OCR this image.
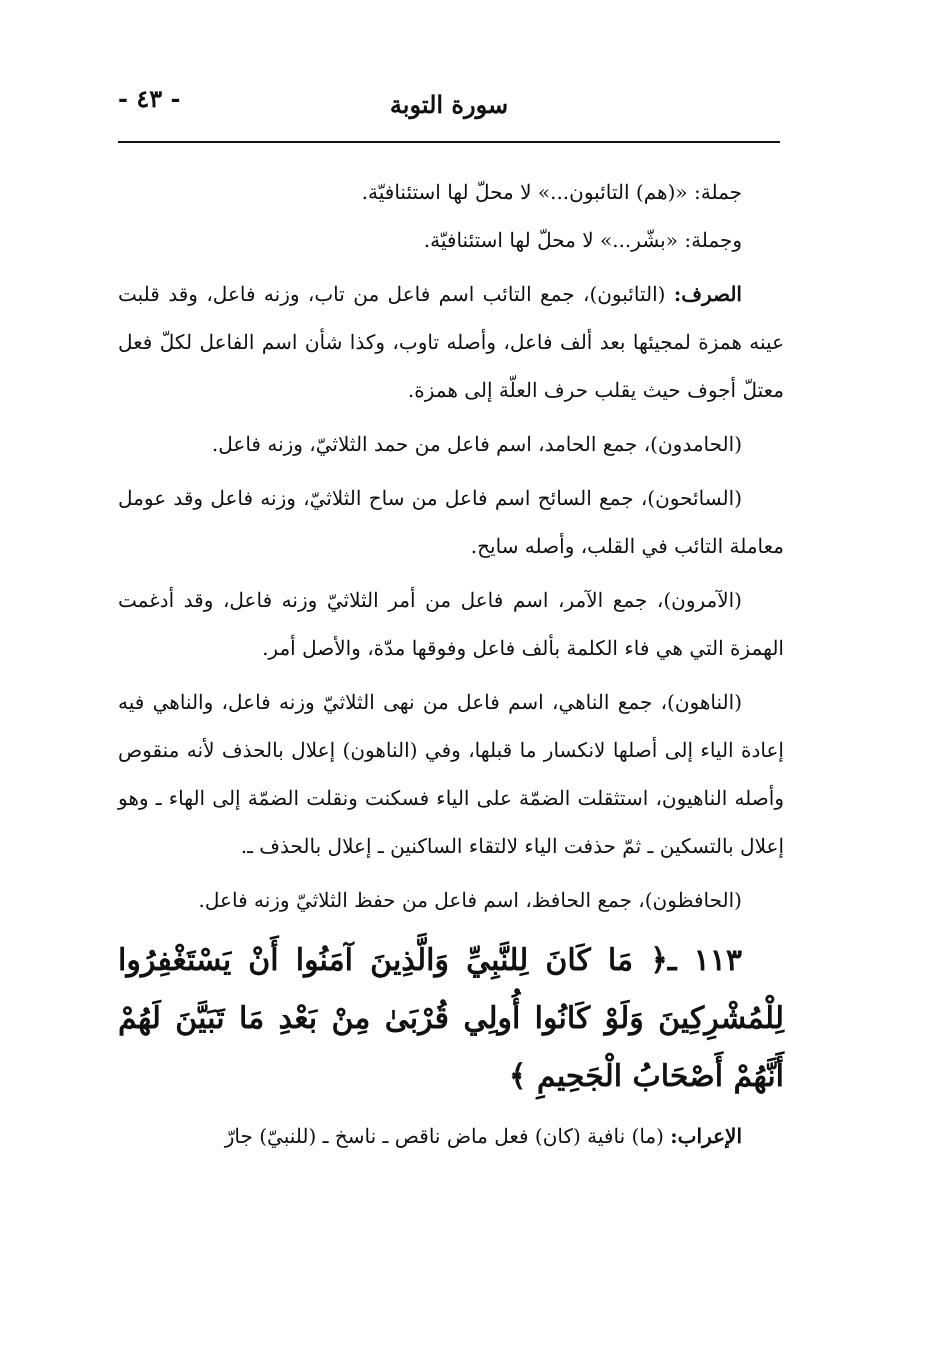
سورة التوبة
- ٤٣ -

جملة: «(هم) التائبون...» لا محلّ لها استئنافيّة.

وجملة: «بشّر...» لا محلّ لها استئنافيّة.

الصرف: (التائبون)، جمع التائب اسم فاعل من تاب، وزنه فاعل، وقد قلبت عينه همزة لمجيئها بعد ألف فاعل، وأصله تاوب، وكذا شأن اسم الفاعل لكلّ فعل معتلّ أجوف حيث يقلب حرف العلّة إلى همزة.

(الحامدون)، جمع الحامد، اسم فاعل من حمد الثلاثيّ، وزنه فاعل.

(السائحون)، جمع السائح اسم فاعل من ساح الثلاثيّ، وزنه فاعل وقد عومل معاملة التائب في القلب، وأصله سايح.

(الآمرون)، جمع الآمر، اسم فاعل من أمر الثلاثيّ وزنه فاعل، وقد أدغمت الهمزة التي هي فاء الكلمة بألف فاعل وفوقها مدّة، والأصل أمر.

(الناهون)، جمع الناهي، اسم فاعل من نهى الثلاثيّ وزنه فاعل، والناهي فيه إعادة الياء إلى أصلها لانكسار ما قبلها، وفي (الناهون) إعلال بالحذف لأنه منقوص وأصله الناهيون، استثقلت الضمّة على الياء فسكنت ونقلت الضمّة إلى الهاء ـ وهو إعلال بالتسكين ـ ثمّ حذفت الياء لالتقاء الساكنين ـ إعلال بالحذف ـ.

(الحافظون)، جمع الحافظ، اسم فاعل من حفظ الثلاثيّ وزنه فاعل.

١١٣ ـ﴿ مَا كَانَ لِلنَّبِيِّ وَالَّذِينَ آمَنُوا أَنْ يَسْتَغْفِرُوا لِلْمُشْرِكِينَ وَلَوْ كَانُوا أُولِي قُرْبَىٰ مِنْ بَعْدِ مَا تَبَيَّنَ لَهُمْ أَنَّهُمْ أَصْحَابُ الْجَحِيمِ ﴾

الإعراب: (ما) نافية (كان) فعل ماض ناقص ـ ناسخ ـ (للنبيّ) جارّ
